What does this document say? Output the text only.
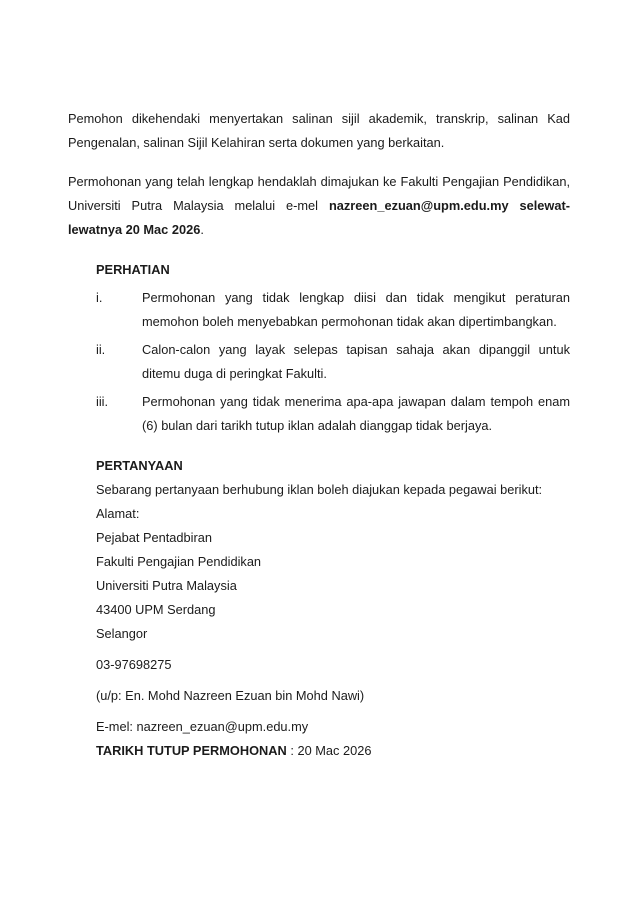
Pemohon dikehendaki menyertakan salinan sijil akademik, transkrip, salinan Kad Pengenalan, salinan Sijil Kelahiran serta dokumen yang berkaitan.

Permohonan yang telah lengkap hendaklah dimajukan ke Fakulti Pengajian Pendidikan, Universiti Putra Malaysia melalui e-mel nazreen_ezuan@upm.edu.my selewat-lewatnya 20 Mac 2026.

PERHATIAN

i.	Permohonan yang tidak lengkap diisi dan tidak mengikut peraturan memohon boleh menyebabkan permohonan tidak akan dipertimbangkan.
ii.	Calon-calon yang layak selepas tapisan sahaja akan dipanggil untuk ditemu duga di peringkat Fakulti.
iii.	Permohonan yang tidak menerima apa-apa jawapan dalam tempoh enam (6) bulan dari tarikh tutup iklan adalah dianggap tidak berjaya.

PERTANYAAN

Sebarang pertanyaan berhubung iklan boleh diajukan kepada pegawai berikut:

Alamat:

Pejabat Pentadbiran

Fakulti Pengajian Pendidikan

Universiti Putra Malaysia

43400 UPM Serdang

Selangor

03-97698275

(u/p: En. Mohd Nazreen Ezuan bin Mohd Nawi)

E-mel: nazreen_ezuan@upm.edu.my

TARIKH TUTUP PERMOHONAN : 20 Mac 2026
